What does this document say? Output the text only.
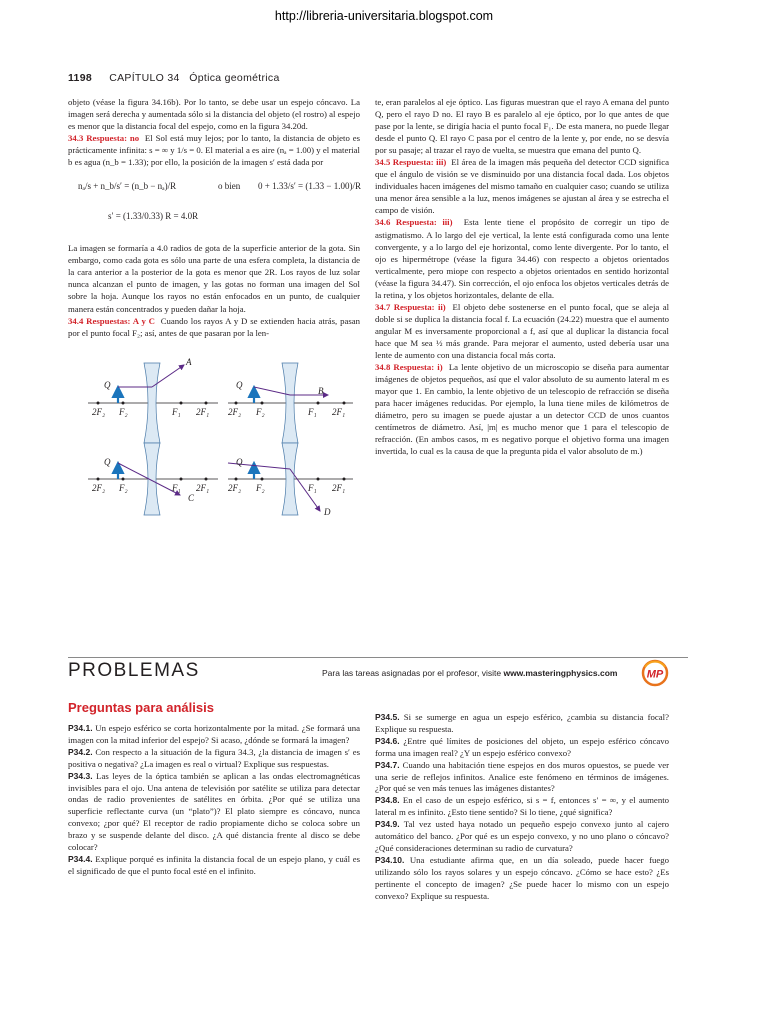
http://libreria-universitaria.blogspot.com
1198 CAPÍTULO 34 Óptica geométrica

objeto (véase la figura 34.16b). Por lo tanto, se debe usar un espejo cóncavo. La imagen será derecha y aumentada sólo si la distancia del objeto (el rostro) al espejo es menor que la distancia focal del espejo, como en la figura 34.20d.

34.3 Respuesta: no El Sol está muy lejos; por lo tanto, la distancia de objeto es prácticamente infinita: s = ∞ y 1/s = 0. El material a es aire (nₐ = 1.00) y el material b es agua (n_b = 1.33); por ello, la posición de la imagen s′ está dada por

nₐ/s + n_b/s′ = (n_b − nₐ)/R	o bien 0 + 1.33/s′ = (1.33 − 1.00)/R
s′ = (1.33/0.33) R = 4.0R

La imagen se formaría a 4.0 radios de gota de la superficie anterior de la gota. Sin embargo, como cada gota es sólo una parte de una esfera completa, la distancia de la cara anterior a la posterior de la gota es menor que 2R. Los rayos de luz solar nunca alcanzan el punto de imagen, y las gotas no forman una imagen del Sol sobre la hoja. Aunque los rayos no están enfocados en un punto, de cualquier manera están concentrados y pueden dañar la hoja.

34.4 Respuestas: A y C Cuando los rayos A y D se extienden hacia atrás, pasan por el punto focal F₂; así, antes de que pasaran por la len-

Q
A
2F₂ F₂	F₁ 2F₁
Q
B
2F₂ F₂	F₁ 2F₁
Q
C
2F₂ F₂	F₁ 2F₁
Q
D
2F₂ F₂	F₁ 2F₁

te, eran paralelos al eje óptico. Las figuras muestran que el rayo A emana del punto Q, pero el rayo D no. El rayo B es paralelo al eje óptico, por lo que antes de que pase por la lente, se dirigía hacia el punto focal F₁. De esta manera, no puede llegar desde el punto Q. El rayo C pasa por el centro de la lente y, por ende, no se desvía por su pasaje; al trazar el rayo de vuelta, se muestra que emana del punto Q.

34.5 Respuesta: iii) El área de la imagen más pequeña del detector CCD significa que el ángulo de visión se ve disminuido por una distancia focal dada. Los objetos individuales hacen imágenes del mismo tamaño en cualquier caso; cuando se utiliza una menor área sensible a la luz, menos imágenes se ajustan al área y se estrecha el campo de visión.

34.6 Respuesta: iii) Esta lente tiene el propósito de corregir un tipo de astigmatismo. A lo largo del eje vertical, la lente está configurada como una lente convergente, y a lo largo del eje horizontal, como lente divergente. Por lo tanto, el ojo es hipermétrope (véase la figura 34.46) con respecto a objetos orientados verticalmente, pero miope con respecto a objetos orientados en sentido horizontal (véase la figura 34.47). Sin corrección, el ojo enfoca los objetos verticales detrás de la retina, y los objetos horizontales, delante de ella.

34.7 Respuesta: ii) El objeto debe sostenerse en el punto focal, que se aleja al doble si se duplica la distancia focal f. La ecuación (24.22) muestra que el aumento angular M es inversamente proporcional a f, así que al duplicar la distancia focal hace que M sea ½ más grande. Para mejorar el aumento, usted debería usar una lente de aumento con una distancia focal más corta.

34.8 Respuesta: i) La lente objetivo de un microscopio se diseña para aumentar imágenes de objetos pequeños, así que el valor absoluto de su aumento lateral m es mayor que 1. En cambio, la lente objetivo de un telescopio de refracción se diseña para hacer imágenes reducidas. Por ejemplo, la luna tiene miles de kilómetros de diámetro, pero su imagen se puede ajustar a un detector CCD de unos cuantos centímetros de diámetro. Así, |m| es mucho menor que 1 para el telescopio de refracción. (En ambos casos, m es negativo porque el objetivo forma una imagen invertida, lo cual es la causa de que la pregunta pida el valor absoluto de m.)

PROBLEMAS	Para las tareas asignadas por el profesor, visite www.masteringphysics.com	MP
Preguntas para análisis

P34.1. Un espejo esférico se corta horizontalmente por la mitad. ¿Se formará una imagen con la mitad inferior del espejo? Si acaso, ¿dónde se formará la imagen?

P34.2. Con respecto a la situación de la figura 34.3, ¿la distancia de imagen s′ es positiva o negativa? ¿La imagen es real o virtual? Explique sus respuestas.

P34.3. Las leyes de la óptica también se aplican a las ondas electromagnéticas invisibles para el ojo. Una antena de televisión por satélite se utiliza para detectar ondas de radio provenientes de satélites en órbita. ¿Por qué se utiliza una superficie reflectante curva (un “plato”)? El plato siempre es cóncavo, nunca convexo; ¿por qué? El receptor de radio propiamente dicho se coloca sobre un brazo y se suspende delante del disco. ¿A qué distancia frente al disco se debe colocar?

P34.4. Explique porqué es infinita la distancia focal de un espejo plano, y cuál es el significado de que el punto focal esté en el infinito.

P34.5. Si se sumerge en agua un espejo esférico, ¿cambia su distancia focal? Explique su respuesta.

P34.6. ¿Entre qué límites de posiciones del objeto, un espejo esférico cóncavo forma una imagen real? ¿Y un espejo esférico convexo?

P34.7. Cuando una habitación tiene espejos en dos muros opuestos, se puede ver una serie de reflejos infinitos. Analice este fenómeno en términos de imágenes. ¿Por qué se ven más tenues las imágenes distantes?

P34.8. En el caso de un espejo esférico, si s = f, entonces s′ = ∞, y el aumento lateral m es infinito. ¿Esto tiene sentido? Si lo tiene, ¿qué significa?

P34.9. Tal vez usted haya notado un pequeño espejo convexo junto al cajero automático del banco. ¿Por qué es un espejo convexo, y no uno plano o cóncavo? ¿Qué consideraciones determinan su radio de curvatura?

P34.10. Una estudiante afirma que, en un día soleado, puede hacer fuego utilizando sólo los rayos solares y un espejo cóncavo. ¿Cómo se hace esto? ¿Es pertinente el concepto de imagen? ¿Se puede hacer lo mismo con un espejo convexo? Explique su respuesta.
